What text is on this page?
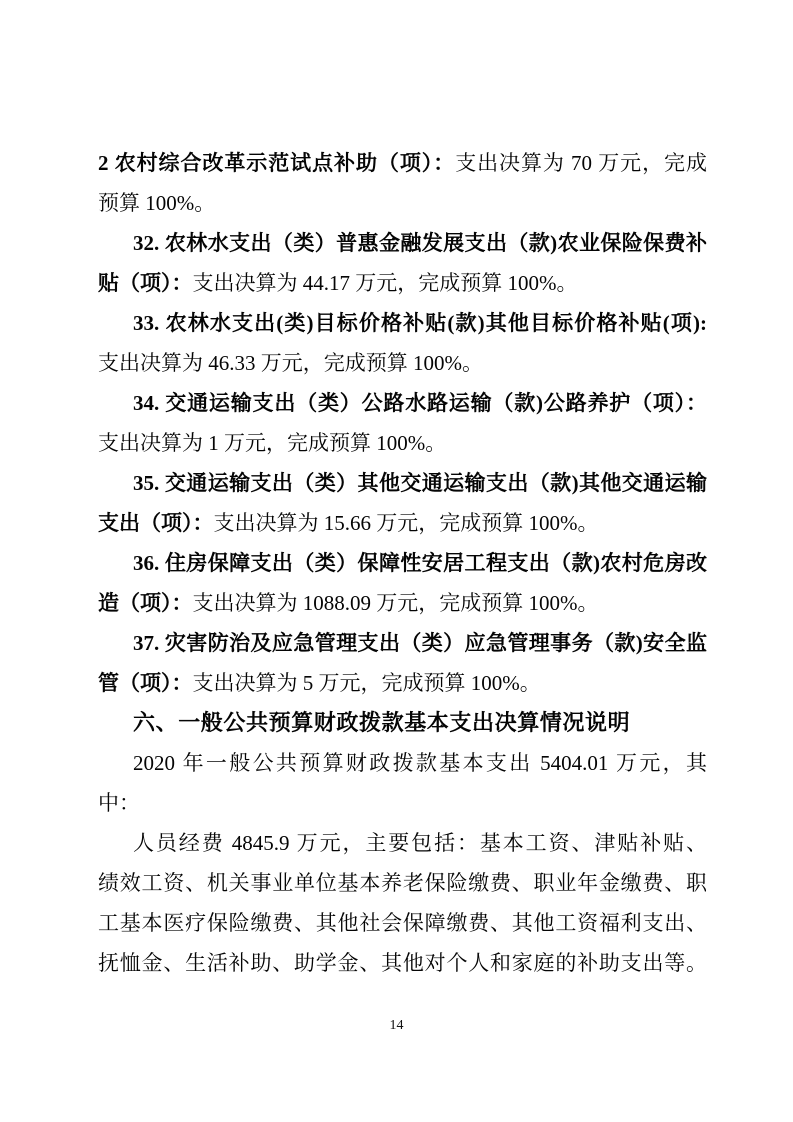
2 农村综合改革示范试点补助（项）：支出决算为 70 万元，完成
预算 100%。
32. 农林水支出（类）普惠金融发展支出（款)农业保险保费补
贴（项）：支出决算为 44.17 万元，完成预算 100%。
33. 农林水支出(类)目标价格补贴(款)其他目标价格补贴(项):
支出决算为 46.33 万元，完成预算 100%。
34. 交通运输支出（类）公路水路运输（款)公路养护（项）：
支出决算为 1 万元，完成预算 100%。
35. 交通运输支出（类）其他交通运输支出（款)其他交通运输
支出（项）：支出决算为 15.66 万元，完成预算 100%。
36. 住房保障支出（类）保障性安居工程支出（款)农村危房改
造（项）：支出决算为 1088.09 万元，完成预算 100%。
37. 灾害防治及应急管理支出（类）应急管理事务（款)安全监
管（项）：支出决算为 5 万元，完成预算 100%。
六、一般公共预算财政拨款基本支出决算情况说明
2020 年一般公共预算财政拨款基本支出 5404.01 万元，其
中：
人员经费 4845.9 万元，主要包括：基本工资、津贴补贴、
绩效工资、机关事业单位基本养老保险缴费、职业年金缴费、职
工基本医疗保险缴费、其他社会保障缴费、其他工资福利支出、
抚恤金、生活补助、助学金、其他对个人和家庭的补助支出等。
14
